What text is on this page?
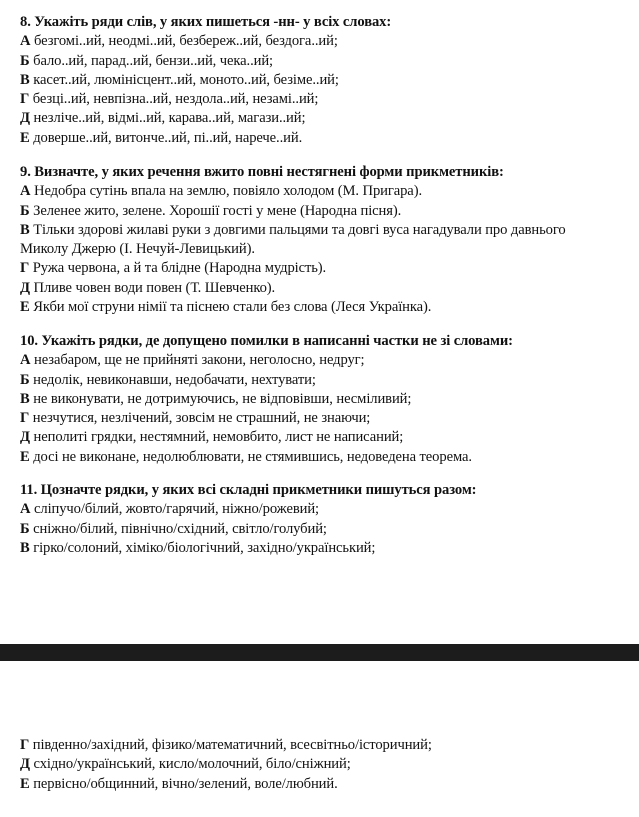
8. Укажіть ряди слів, у яких пишеться -нн- у всіх словах:
А безгомі..ий, неодмі..ий, безбереж..ий, бездога..ий;
Б бало..ий, парад..ий, бензи..ий, чека..ий;
В касет..ий, люмінісцент..ий, моното..ий, безіме..ий;
Г безці..ий, невпізна..ий, нездола..ий, незамі..ий;
Д незліче..ий, відмі..ий, карава..ий, магази..ий;
Е доверше..ий, витонче..ий, пі..ий, нарече..ий.
9. Визначте, у яких речення вжито повні нестягнені форми прикметників:
А Недобра сутінь впала на землю, повіяло холодом (М. Пригара).
Б Зеленее жито, зелене. Хорошії гості у мене (Народна пісня).
В Тільки здорові жилаві руки з довгими пальцями та довгі вуса нагадували про давнього
Миколу Джерю (І. Нечуй-Левицький).
Г Ружа червона, а й та блідне (Народна мудрість).
Д Пливе човен води повен (Т. Шевченко).
Е Якби мої струни німії та піснею стали без слова (Леся Українка).
10. Укажіть рядки, де допущено помилки в написанні частки не зі словами:
А незабаром, ще не прийняті закони, неголосно, недруг;
Б недолік, невиконавши, недобачати, нехтувати;
В не виконувати, не дотримуючись, не відповівши, несміливий;
Г незчутися, незлічений, зовсім не страшний, не знаючи;
Д неполиті грядки, нестямний, немовбито, лист не написаний;
Е досі не виконане, недолюблювати, не стямившись, недоведена теорема.
11. Цозначте рядки, у яких всі складні прикметники пишуться разом:
А сліпучо/білий, жовто/гарячий, ніжно/рожевий;
Б сніжно/білий, північно/східний, світло/голубий;
В гірко/солоний, хіміко/біологічний, західно/український;
Г південно/західний, фізико/математичний, всесвітньо/історичний;
Д східно/український, кисло/молочний, біло/сніжний;
Е первісно/общинний, вічно/зелений, воле/любний.
